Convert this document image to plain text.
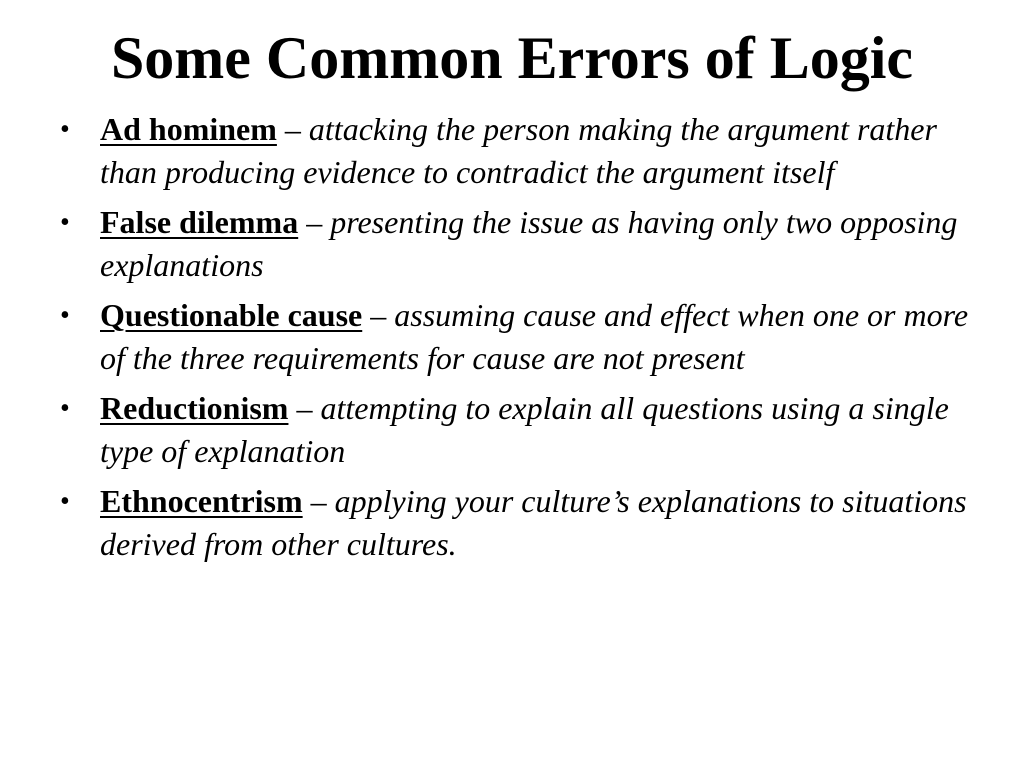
Some Common Errors of Logic
• Ad hominem – attacking the person making the argument rather than producing evidence to contradict the argument itself
• False dilemma – presenting the issue as having only two opposing explanations
• Questionable cause – assuming cause and effect when one or more of the three requirements for cause are not present
• Reductionism – attempting to explain all questions using a single type of explanation
• Ethnocentrism – applying your culture’s explanations to situations derived from other cultures.
